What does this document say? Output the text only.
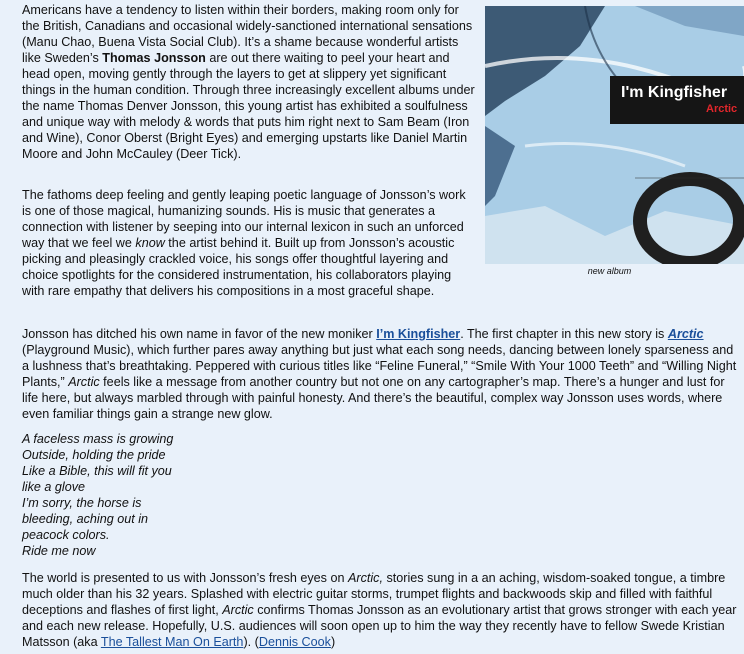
Americans have a tendency to listen within their borders, making room only for the British, Canadians and occasional widely-sanctioned international sensations (Manu Chao, Buena Vista Social Club). It’s a shame because wonderful artists like Sweden’s Thomas Jonsson are out there waiting to peel your heart and head open, moving gently through the layers to get at slippery yet significant things in the human condition. Through three increasingly excellent albums under the name Thomas Denver Jonsson, this young artist has exhibited a soulfulness and unique way with melody & words that puts him right next to Sam Beam (Iron and Wine), Conor Oberst (Bright Eyes) and emerging upstarts like Daniel Martin Moore and John McCauley (Deer Tick).

The fathoms deep feeling and gently leaping poetic language of Jonsson’s work is one of those magical, humanizing sounds. His is music that generates a connection with listener by seeping into our internal lexicon in such an unforced way that we feel we know the artist behind it. Built up from Jonsson’s acoustic picking and pleasingly crackled voice, his songs offer thoughtful layering and choice spotlights for the considered instrumentation, his collaborators playing with rare empathy that delivers his compositions in a most graceful shape.

I'm Kingfisher
Arctic
new album

Jonsson has ditched his own name in favor of the new moniker I’m Kingfisher. The first chapter in this new story is Arctic (Playground Music), which further pares away anything but just what each song needs, dancing between lonely sparseness and a lushness that’s breathtaking. Peppered with curious titles like “Feline Funeral,” “Smile With Your 1000 Teeth” and “Willing Night Plants,” Arctic feels like a message from another country but not one on any cartographer’s map. There’s a hunger and lust for life here, but always marbled through with painful honesty. And there’s the beautiful, complex way Jonsson uses words, where even familiar things gain a strange new glow.

A faceless mass is growing
Outside, holding the pride
Like a Bible, this will fit you
like a glove
I’m sorry, the horse is
bleeding, aching out in
peacock colors.
Ride me now

The world is presented to us with Jonsson’s fresh eyes on Arctic, stories sung in a an aching, wisdom-soaked tongue, a timbre much older than his 32 years. Splashed with electric guitar storms, trumpet flights and backwoods skip and filled with faithful deceptions and flashes of first light, Arctic confirms Thomas Jonsson as an evolutionary artist that grows stronger with each year and each new release. Hopefully, U.S. audiences will soon open up to him the way they recently have to fellow Swede Kristian Matsson (aka The Tallest Man On Earth). (Dennis Cook)
